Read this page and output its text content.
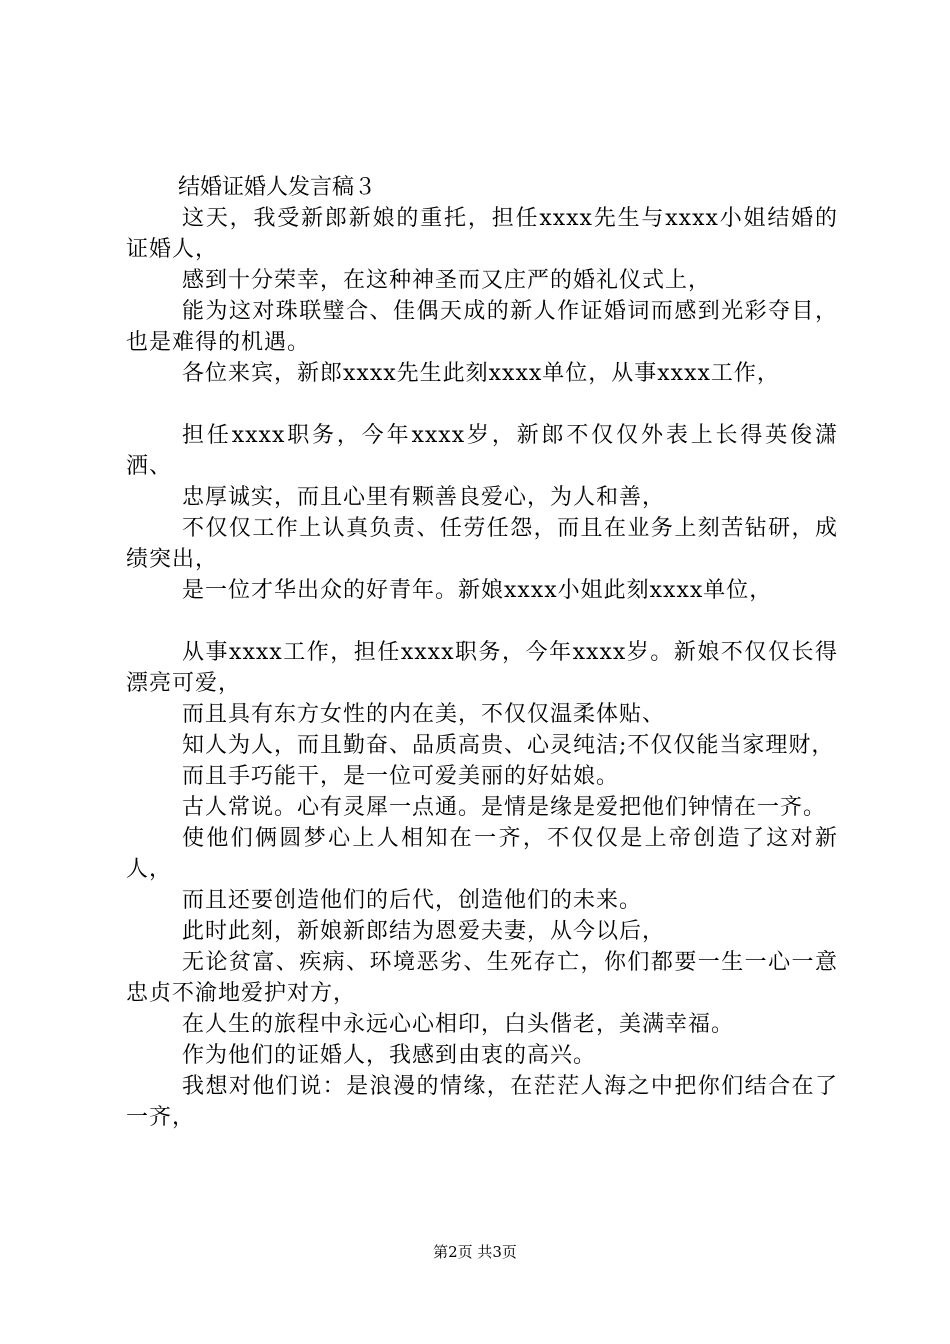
结婚证婚人发言稿３

这天，我受新郎新娘的重托，担任xxxx先生与xxxx小姐结婚的证婚人，

感到十分荣幸，在这种神圣而又庄严的婚礼仪式上，

能为这对珠联璧合、佳偶天成的新人作证婚词而感到光彩夺目，也是难得的机遇。

各位来宾，新郎xxxx先生此刻xxxx单位，从事xxxx工作，

担任xxxx职务，今年xxxx岁，新郎不仅仅外表上长得英俊潇洒、

忠厚诚实，而且心里有颗善良爱心，为人和善，

不仅仅工作上认真负责、任劳任怨，而且在业务上刻苦钻研，成绩突出，

是一位才华出众的好青年。新娘xxxx小姐此刻xxxx单位，

从事xxxx工作，担任xxxx职务，今年xxxx岁。新娘不仅仅长得漂亮可爱，

而且具有东方女性的内在美，不仅仅温柔体贴、

知人为人，而且勤奋、品质高贵、心灵纯洁;不仅仅能当家理财，

而且手巧能干，是一位可爱美丽的好姑娘。

古人常说。心有灵犀一点通。是情是缘是爱把他们钟情在一齐。

使他们俩圆梦心上人相知在一齐，不仅仅是上帝创造了这对新人，

而且还要创造他们的后代，创造他们的未来。

此时此刻，新娘新郎结为恩爱夫妻，从今以后，

无论贫富、疾病、环境恶劣、生死存亡，你们都要一生一心一意忠贞不渝地爱护对方，

在人生的旅程中永远心心相印，白头偕老，美满幸福。

作为他们的证婚人，我感到由衷的高兴。

我想对他们说：是浪漫的情缘，在茫茫人海之中把你们结合在了一齐，

第2页 共3页
